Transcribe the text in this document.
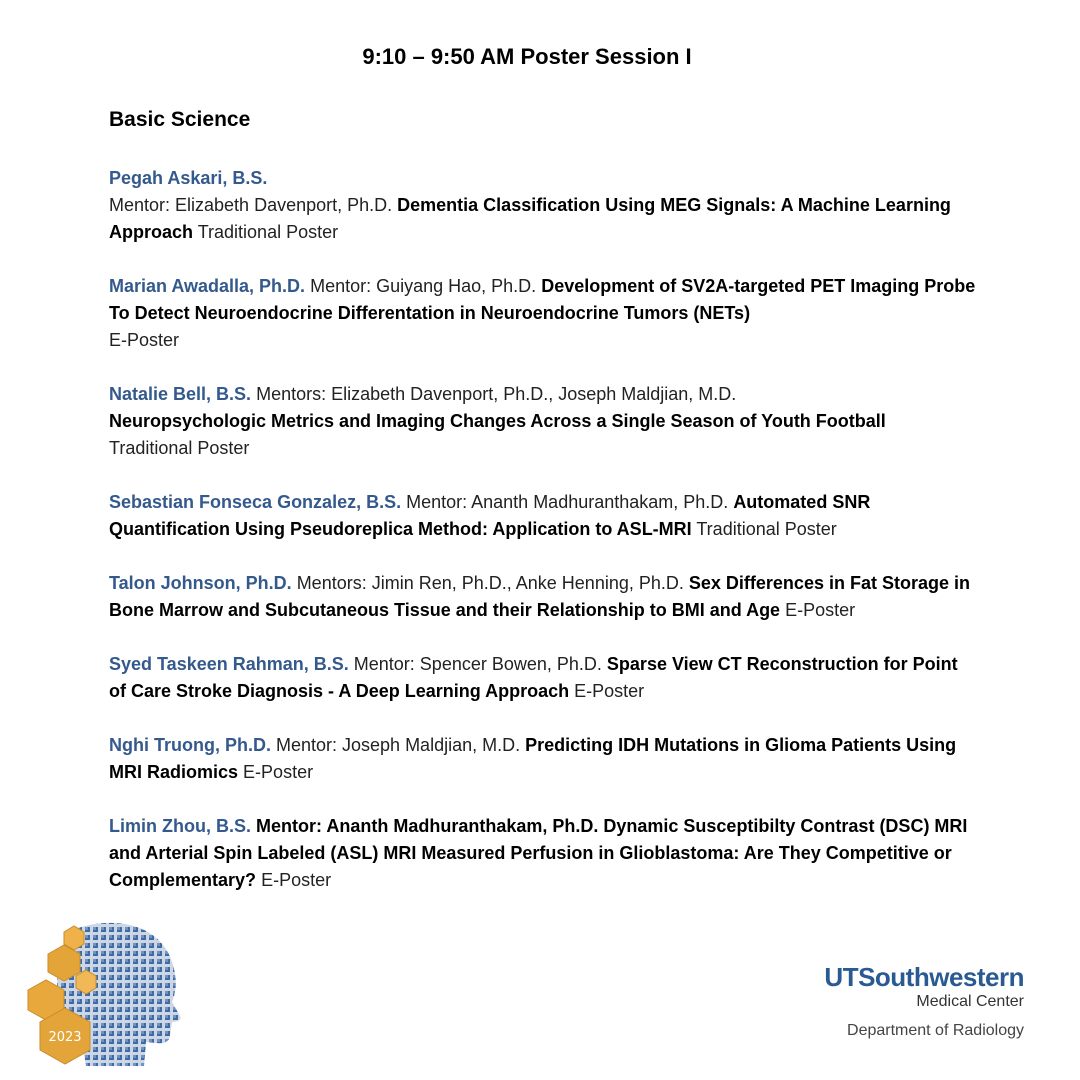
9:10 – 9:50 AM Poster Session I
Basic Science

Pegah Askari, B.S.
Mentor: Elizabeth Davenport, Ph.D. Dementia Classification Using MEG Signals: A Machine Learning Approach Traditional Poster

Marian Awadalla, Ph.D. Mentor: Guiyang Hao, Ph.D. Development of SV2A-targeted PET Imaging Probe To Detect Neuroendocrine Differentation in Neuroendocrine Tumors (NETs)
E-Poster

Natalie Bell, B.S. Mentors: Elizabeth Davenport, Ph.D., Joseph Maldjian, M.D.
Neuropsychologic Metrics and Imaging Changes Across a Single Season of Youth Football
Traditional Poster

Sebastian Fonseca Gonzalez, B.S. Mentor: Ananth Madhuranthakam, Ph.D. Automated SNR Quantification Using Pseudoreplica Method: Application to ASL-MRI Traditional Poster

Talon Johnson, Ph.D. Mentors: Jimin Ren, Ph.D., Anke Henning, Ph.D. Sex Differences in Fat Storage in Bone Marrow and Subcutaneous Tissue and their Relationship to BMI and Age E-Poster

Syed Taskeen Rahman, B.S. Mentor: Spencer Bowen, Ph.D. Sparse View CT Reconstruction for Point of Care Stroke Diagnosis - A Deep Learning Approach E-Poster

Nghi Truong, Ph.D. Mentor: Joseph Maldjian, M.D. Predicting IDH Mutations in Glioma Patients Using MRI Radiomics E-Poster

Limin Zhou, B.S. Mentor: Ananth Madhuranthakam, Ph.D. Dynamic Susceptibilty Contrast (DSC) MRI and Arterial Spin Labeled (ASL) MRI Measured Perfusion in Glioblastoma: Are They Competitive or Complementary? E-Poster

2023
UTSouthwestern
Medical Center
Department of Radiology
